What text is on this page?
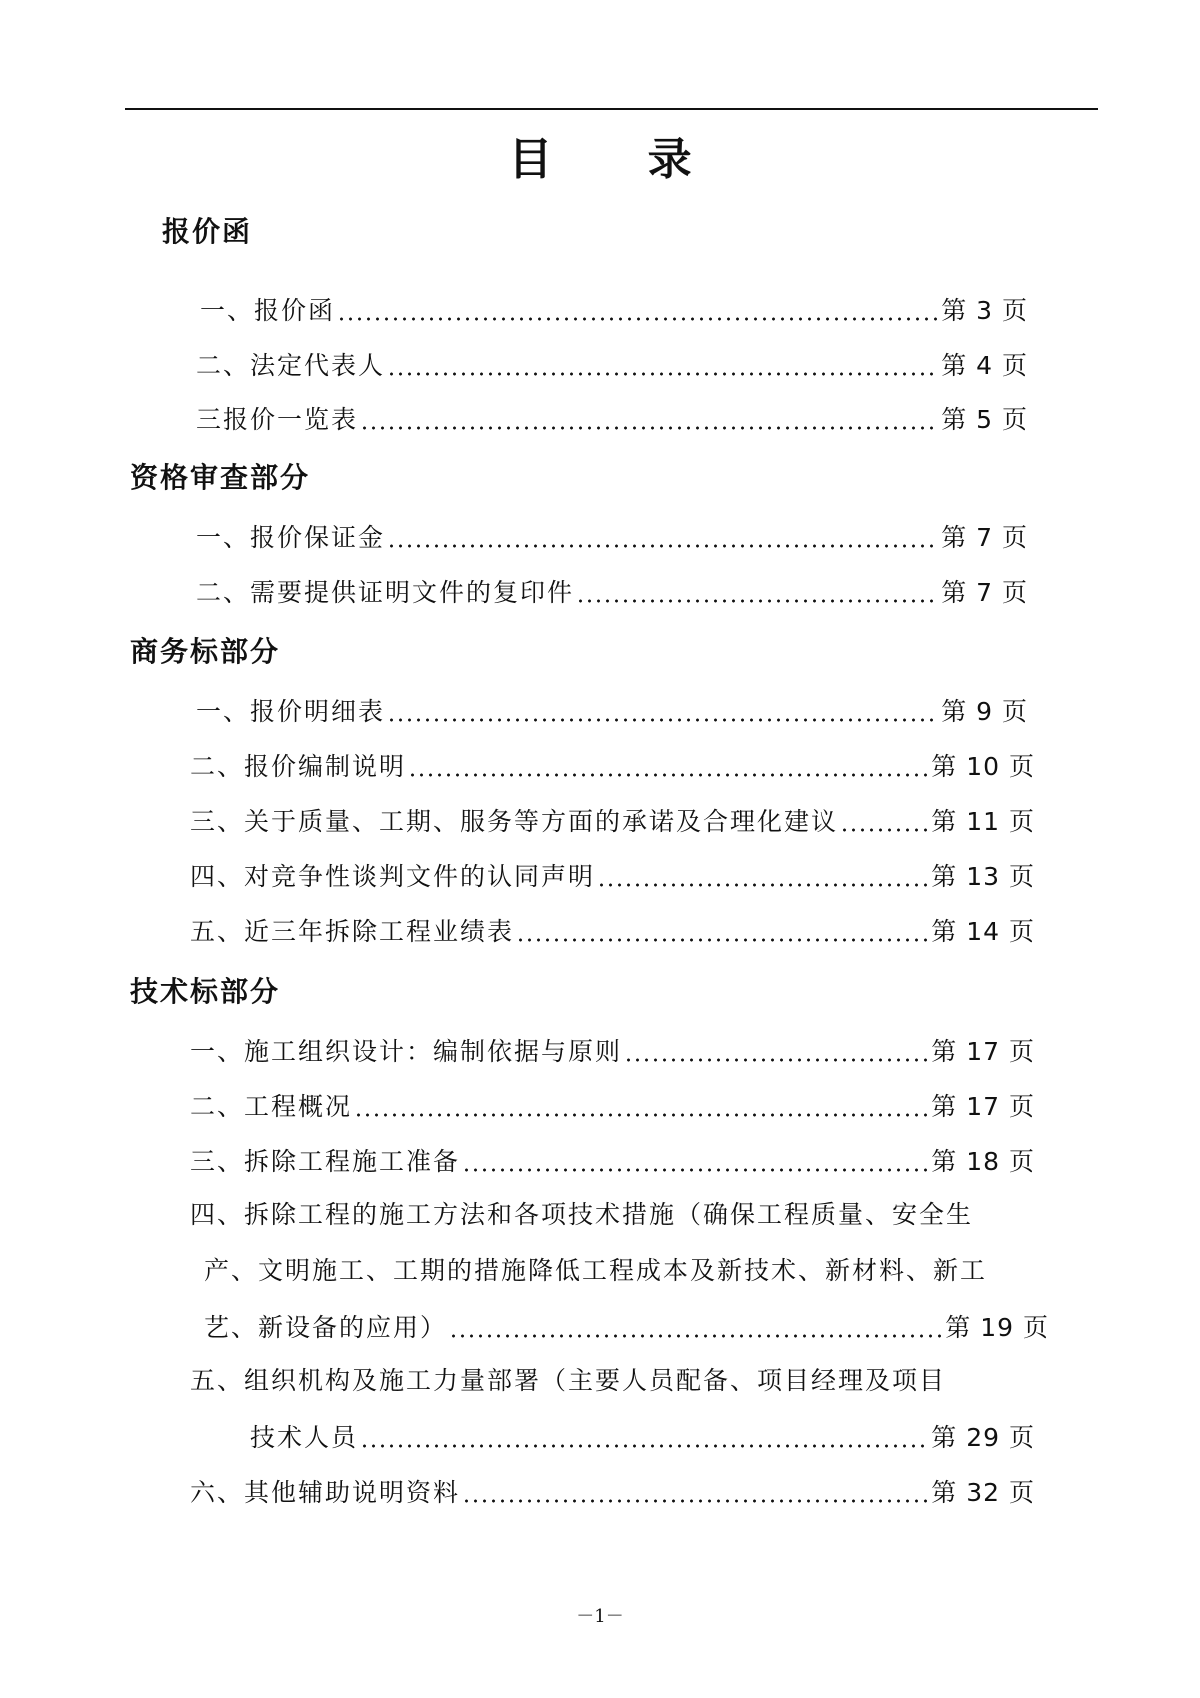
目 录
报价函
一、报价函	第 3 页
二、法定代表人	第 4 页
三报价一览表	第 5 页
资格审查部分
一、报价保证金	第 7 页
二、需要提供证明文件的复印件	第 7 页
商务标部分
一、报价明细表	第 9 页
二、报价编制说明	第 10 页
三、关于质量、工期、服务等方面的承诺及合理化建议	第 11 页
四、对竞争性谈判文件的认同声明	第 13 页
五、近三年拆除工程业绩表	第 14 页
技术标部分
一、施工组织设计：编制依据与原则	第 17 页
二、工程概况	第 17 页
三、拆除工程施工准备	第 18 页
四、拆除工程的施工方法和各项技术措施（确保工程质量、安全生
产、文明施工、工期的措施降低工程成本及新技术、新材料、新工
艺、新设备的应用）	第 19 页
五、组织机构及施工力量部署（主要人员配备、项目经理及项目
技术人员	第 29 页
六、其他辅助说明资料	第 32 页
－1－
